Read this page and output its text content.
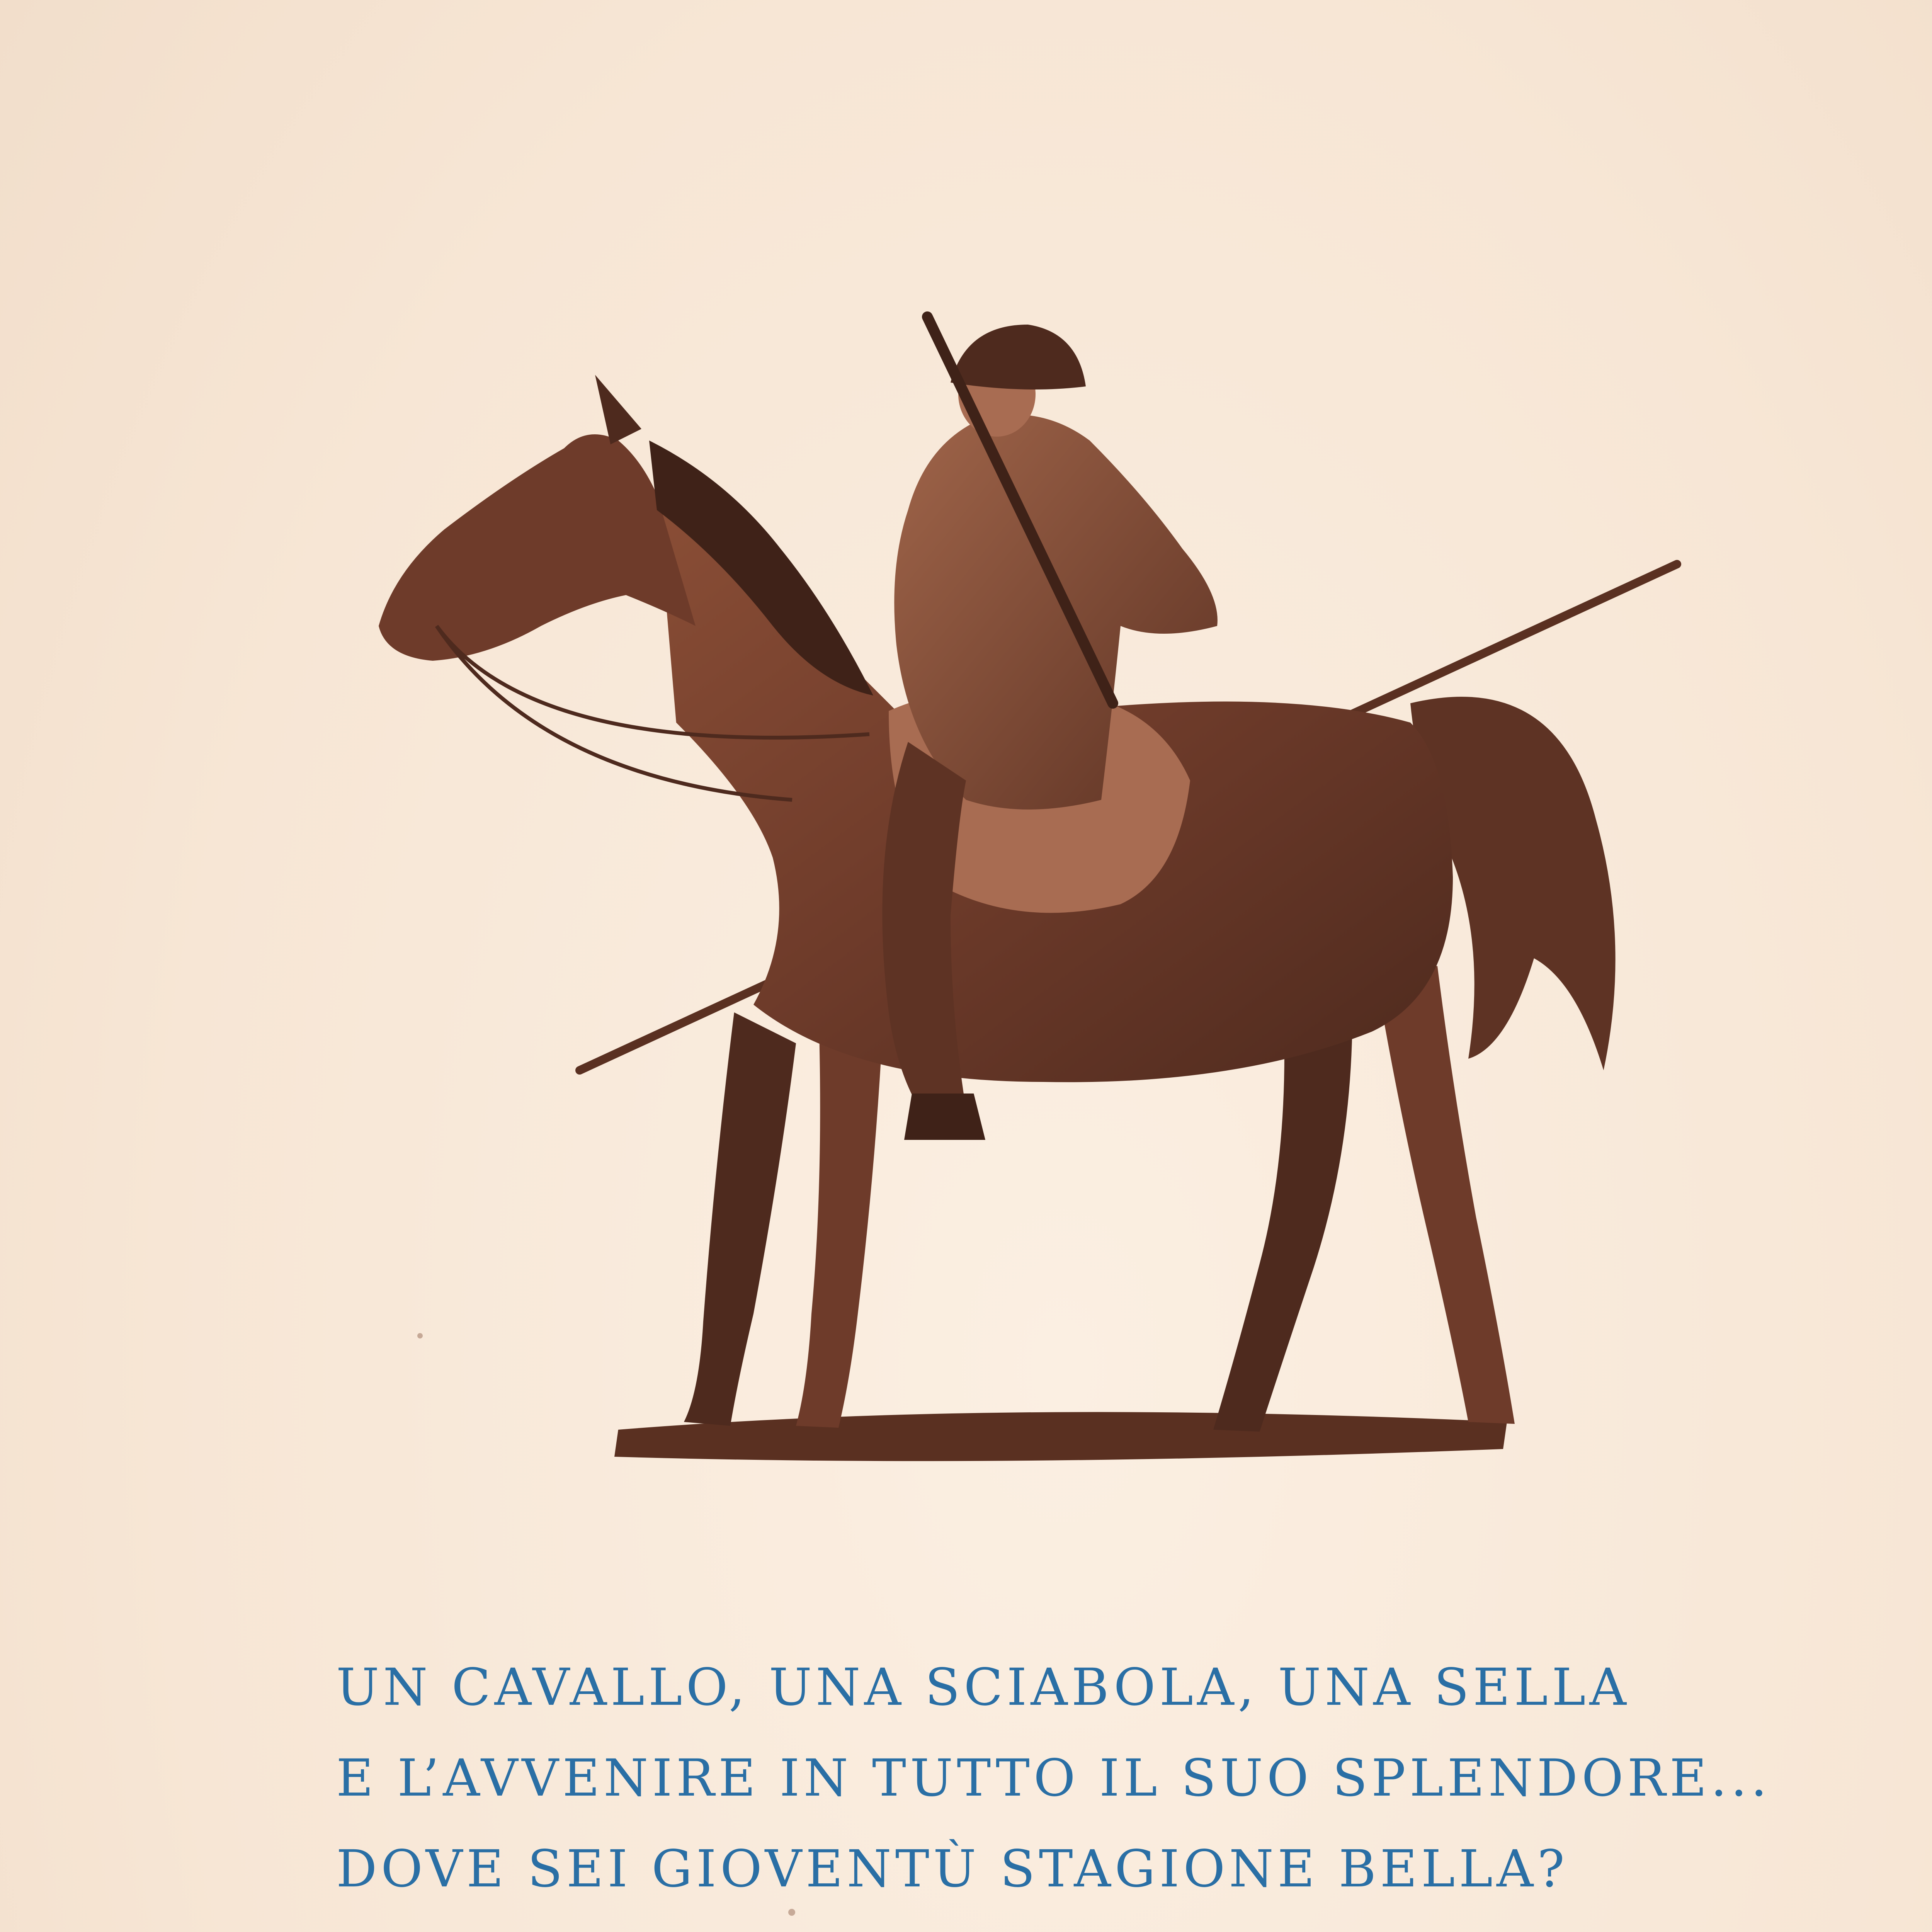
UN CAVALLO, UNA SCIABOLA, UNA SELLA
E L’AVVENIRE IN TUTTO IL SUO SPLENDORE...
DOVE SEI GIOVENTÙ STAGIONE BELLA?
